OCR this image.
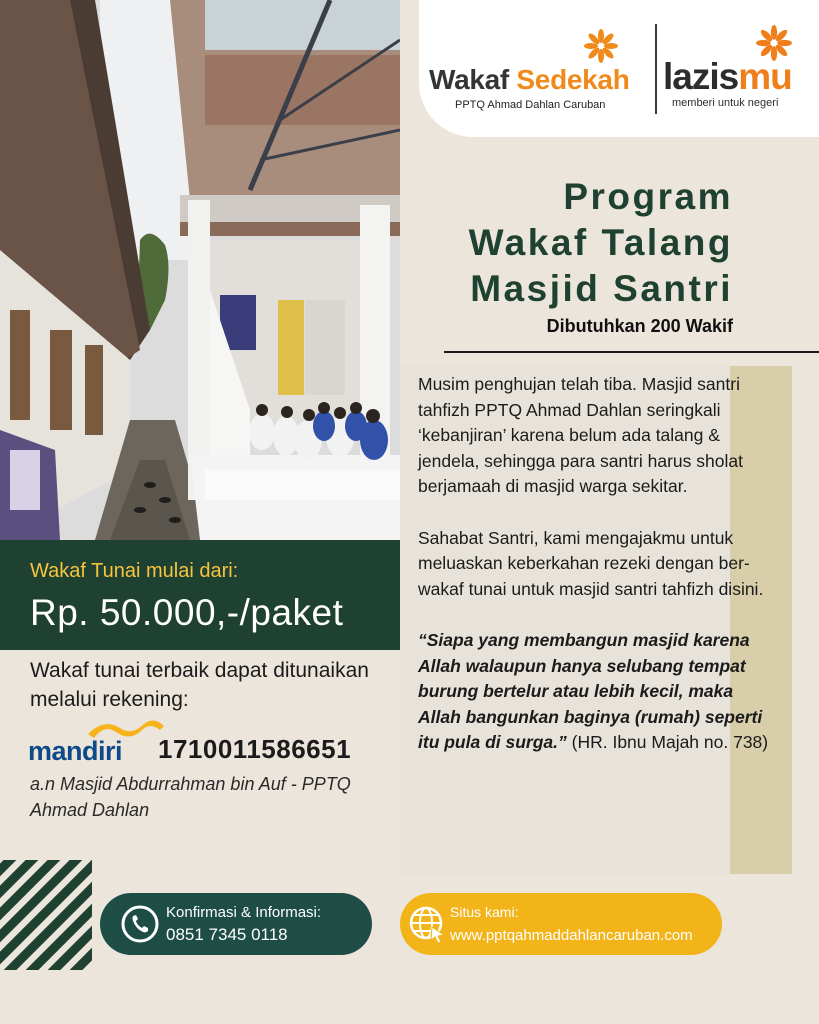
Wakaf Sedekah
PPTQ Ahmad Dahlan Caruban
lazismu
memberi untuk negeri
Program
Wakaf Talang
Masjid Santri
Dibutuhkan 200 Wakif

Musim penghujan telah tiba. Masjid santri tahfizh PPTQ Ahmad Dahlan seringkali ‘kebanjiran’ karena belum ada talang & jendela, sehingga para santri harus sholat berjamaah di masjid warga sekitar.

Sahabat Santri, kami mengajakmu untuk meluaskan keberkahan rezeki dengan ber-wakaf tunai untuk masjid santri tahfizh disini.

“Siapa yang membangun masjid karena Allah walaupun hanya selubang tempat burung bertelur atau lebih kecil, maka Allah bangunkan baginya (rumah) seperti itu pula di surga.” (HR. Ibnu Majah no. 738)

Wakaf Tunai mulai dari:
Rp. 50.000,-/paket
Wakaf tunai terbaik dapat ditunaikan melalui rekening:
mandiri 1710011586651
a.n Masjid Abdurrahman bin Auf - PPTQ Ahmad Dahlan
Konfirmasi & Informasi:
0851 7345 0118
Situs kami:
www.pptqahmaddahlancaruban.com
